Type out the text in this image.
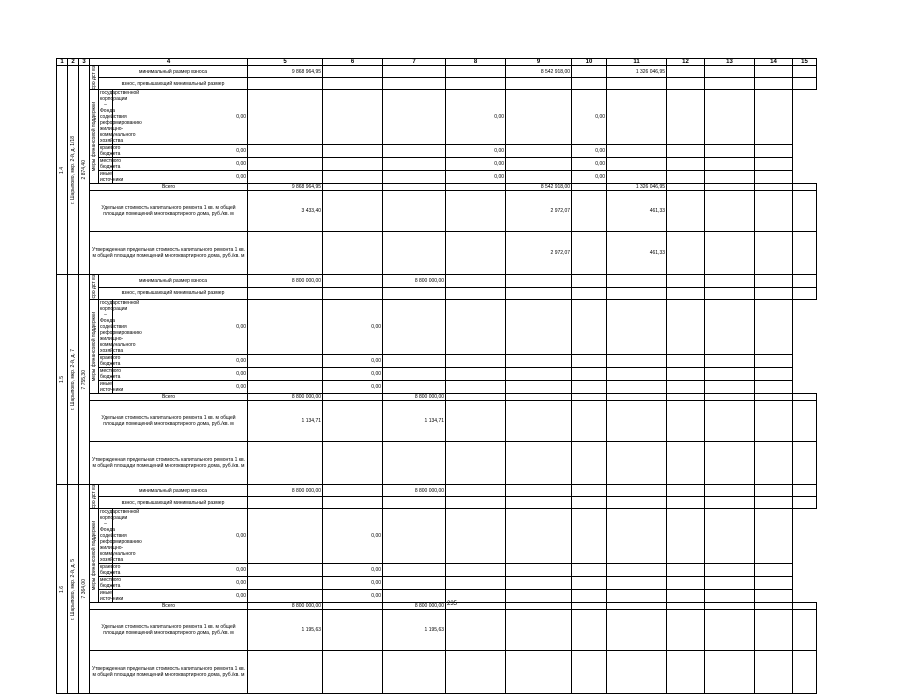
1	2	3	4			5	6	7	8	9	10	11	12	13	14	15

1.4	г. Шарыпово, мкр. 2-й, д. 1/18	2 874,40	сро дст вз	минимальный размер взноса		9 868 964,95				8 542 918,00		1 326 046,95				
				взнос, превышающий минимальный размер												

			меры финансовой поддержки	государственной корпорации – Фонда содействия реформированию жилищно-коммунального хозяйства	0,00				0,00		0,00					
				краевого бюджета	0,00				0,00		0,00					
				местного бюджета	0,00				0,00		0,00					
				иные источники	0,00				0,00		0,00					
			Всего			9 868 964,95				8 542 918,00		1 326 046,95				
			Удельная стоимость капитального ремонта 1 кв. м общей площади помещений многоквартирного дома, руб./кв. м			3 433,40				2 972,07		461,33				
			Утвержденная предельная стоимость капитального ремонта 1 кв. м общей площади помещений многоквартирного дома, руб./кв. м							2 972,07		461,33				

1.5	г. Шарыпово, мкр. 2-й, д. 7	7 755,30	сро дст вз	минимальный размер взноса		8 800 000,00		8 800 000,00								
				взнос, превышающий минимальный размер												

			меры финансовой поддержки	государственной корпорации – Фонда содействия реформированию жилищно-коммунального хозяйства	0,00		0,00									
				краевого бюджета	0,00		0,00									
				местного бюджета	0,00		0,00									
				иные источники	0,00		0,00									
			Всего			8 800 000,00		8 800 000,00								
			Удельная стоимость капитального ремонта 1 кв. м общей площади помещений многоквартирного дома, руб./кв. м			1 134,71		1 134,71								
			Утвержденная предельная стоимость капитального ремонта 1 кв. м общей площади помещений многоквартирного дома, руб./кв. м													

1.6	г. Шарыпово, мкр. 2-й, д. 5	7 364,00	сро дст вз	минимальный размер взноса		8 800 000,00		8 800 000,00								
				взнос, превышающий минимальный размер												

			меры финансовой поддержки	государственной корпорации – Фонда содействия реформированию жилищно-коммунального хозяйства	0,00		0,00									
				краевого бюджета	0,00		0,00									
				местного бюджета	0,00		0,00									
				иные источники	0,00		0,00									
			Всего			8 800 000,00		8 800 000,00								
			Удельная стоимость капитального ремонта 1 кв. м общей площади помещений многоквартирного дома, руб./кв. м			1 195,63		1 195,63								
			Утвержденная предельная стоимость капитального ремонта 1 кв. м общей площади помещений многоквартирного дома, руб./кв. м													
235
